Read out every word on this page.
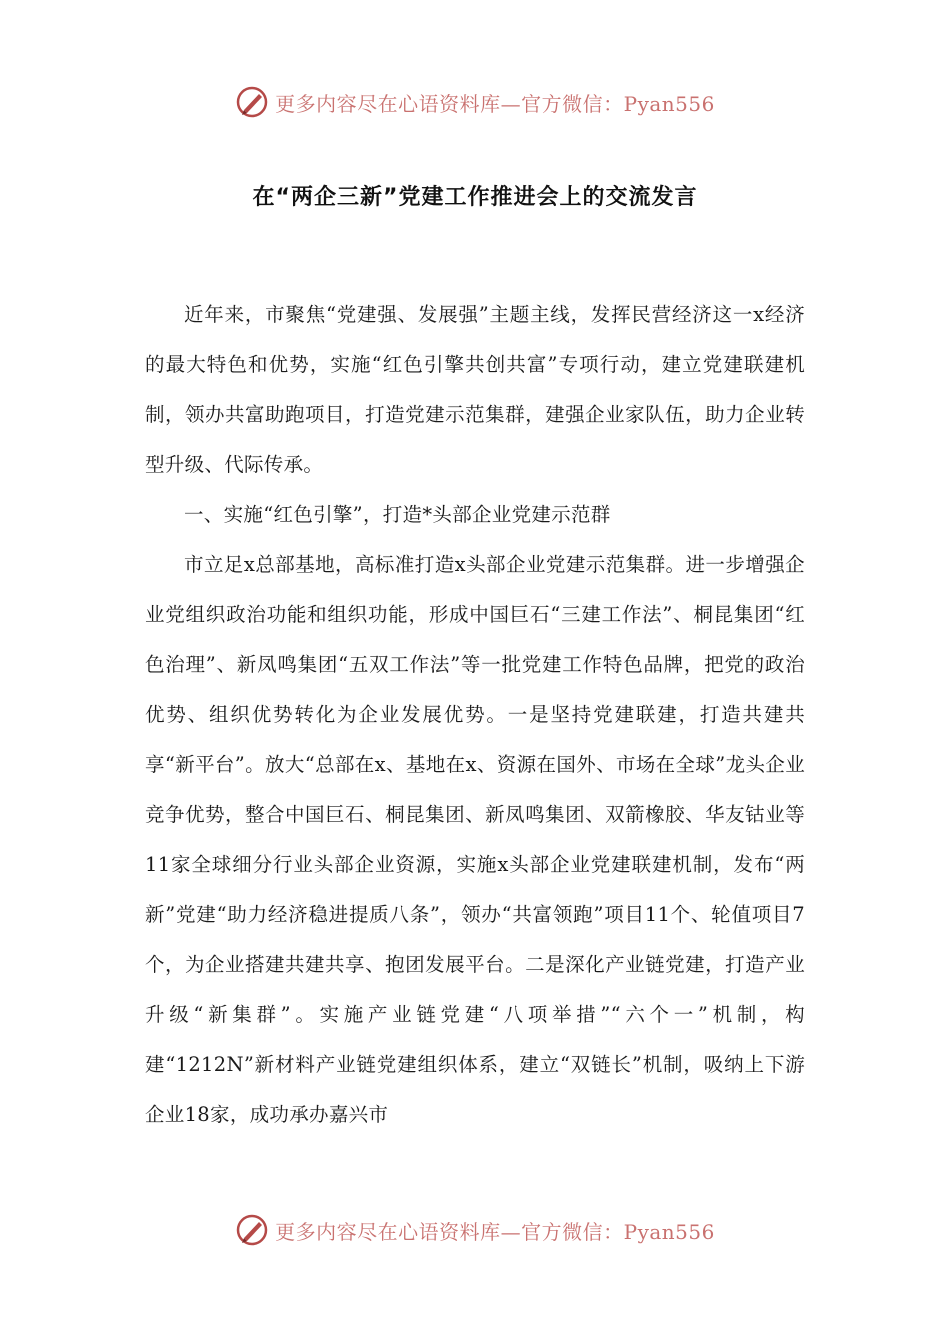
更多内容尽在心语资料库—官方微信：Pyan556
在“两企三新”党建工作推进会上的交流发言

近年来，市聚焦“党建强、发展强”主题主线，发挥民营经济这一x经济的最大特色和优势，实施“红色引擎共创共富”专项行动，建立党建联建机制，领办共富助跑项目，打造党建示范集群，建强企业家队伍，助力企业转型升级、代际传承。

一、实施“红色引擎”，打造*头部企业党建示范群

市立足x总部基地，高标准打造x头部企业党建示范集群。进一步增强企业党组织政治功能和组织功能，形成中国巨石“三建工作法”、桐昆集团“红色治理”、新凤鸣集团“五双工作法”等一批党建工作特色品牌，把党的政治优势、组织优势转化为企业发展优势。一是坚持党建联建，打造共建共享“新平台”。放大“总部在x、基地在x、资源在国外、市场在全球”龙头企业竞争优势，整合中国巨石、桐昆集团、新凤鸣集团、双箭橡胶、华友钴业等11家全球细分行业头部企业资源，实施x头部企业党建联建机制，发布“两新”党建“助力经济稳进提质八条”，领办“共富领跑”项目11个、轮值项目7个，为企业搭建共建共享、抱团发展平台。二是深化产业链党建，打造产业升级“新集群”。实施产业链党建“八项举措”“六个一”机制，构建“1212N”新材料产业链党建组织体系，建立“双链长”机制，吸纳上下游企业18家，成功承办嘉兴市

更多内容尽在心语资料库—官方微信：Pyan556
